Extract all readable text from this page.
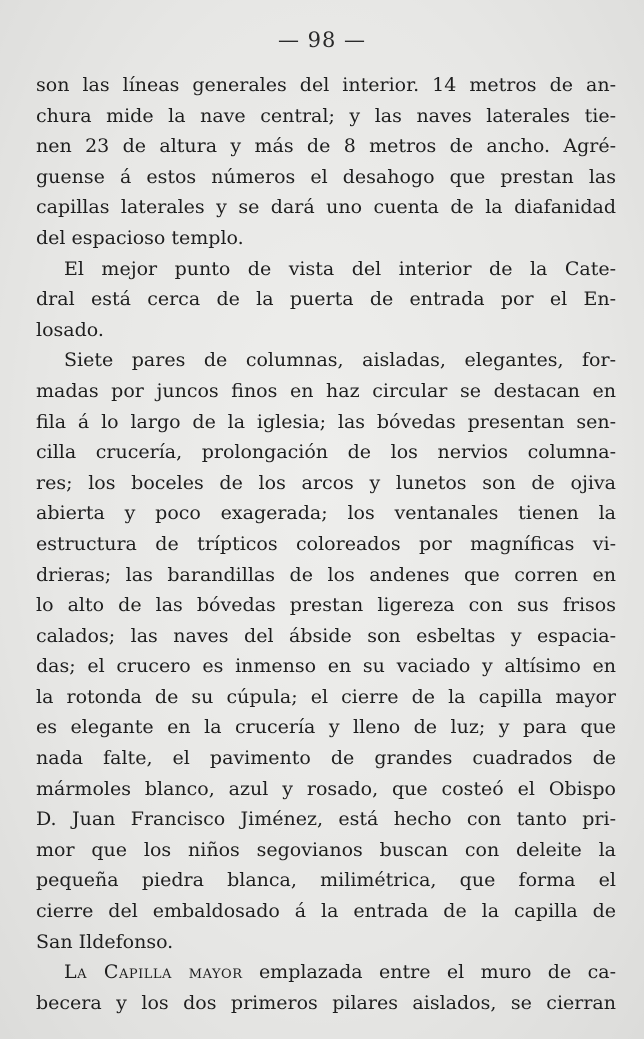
— 98 —

son las líneas generales del interior. 14 metros de an-

chura mide la nave central; y las naves laterales tie-

nen 23 de altura y más de 8 metros de ancho. Agré-

guense á estos números el desahogo que prestan las

capillas laterales y se dará uno cuenta de la diafanidad

del espacioso templo.

El mejor punto de vista del interior de la Cate-

dral está cerca de la puerta de entrada por el En-

losado.

Siete pares de columnas, aisladas, elegantes, for-

madas por juncos finos en haz circular se destacan en

fila á lo largo de la iglesia; las bóvedas presentan sen-

cilla crucería, prolongación de los nervios columna-

res; los boceles de los arcos y lunetos son de ojiva

abierta y poco exagerada; los ventanales tienen la

estructura de trípticos coloreados por magníficas vi-

drieras; las barandillas de los andenes que corren en

lo alto de las bóvedas prestan ligereza con sus frisos

calados; las naves del ábside son esbeltas y espacia-

das; el crucero es inmenso en su vaciado y altísimo en

la rotonda de su cúpula; el cierre de la capilla mayor

es elegante en la crucería y lleno de luz; y para que

nada falte, el pavimento de grandes cuadrados de

mármoles blanco, azul y rosado, que costeó el Obispo

D. Juan Francisco Jiménez, está hecho con tanto pri-

mor que los niños segovianos buscan con deleite la

pequeña piedra blanca, milimétrica, que forma el

cierre del embaldosado á la entrada de la capilla de

San Ildefonso.

La Capilla mayor emplazada entre el muro de ca-

becera y los dos primeros pilares aislados, se cierran
